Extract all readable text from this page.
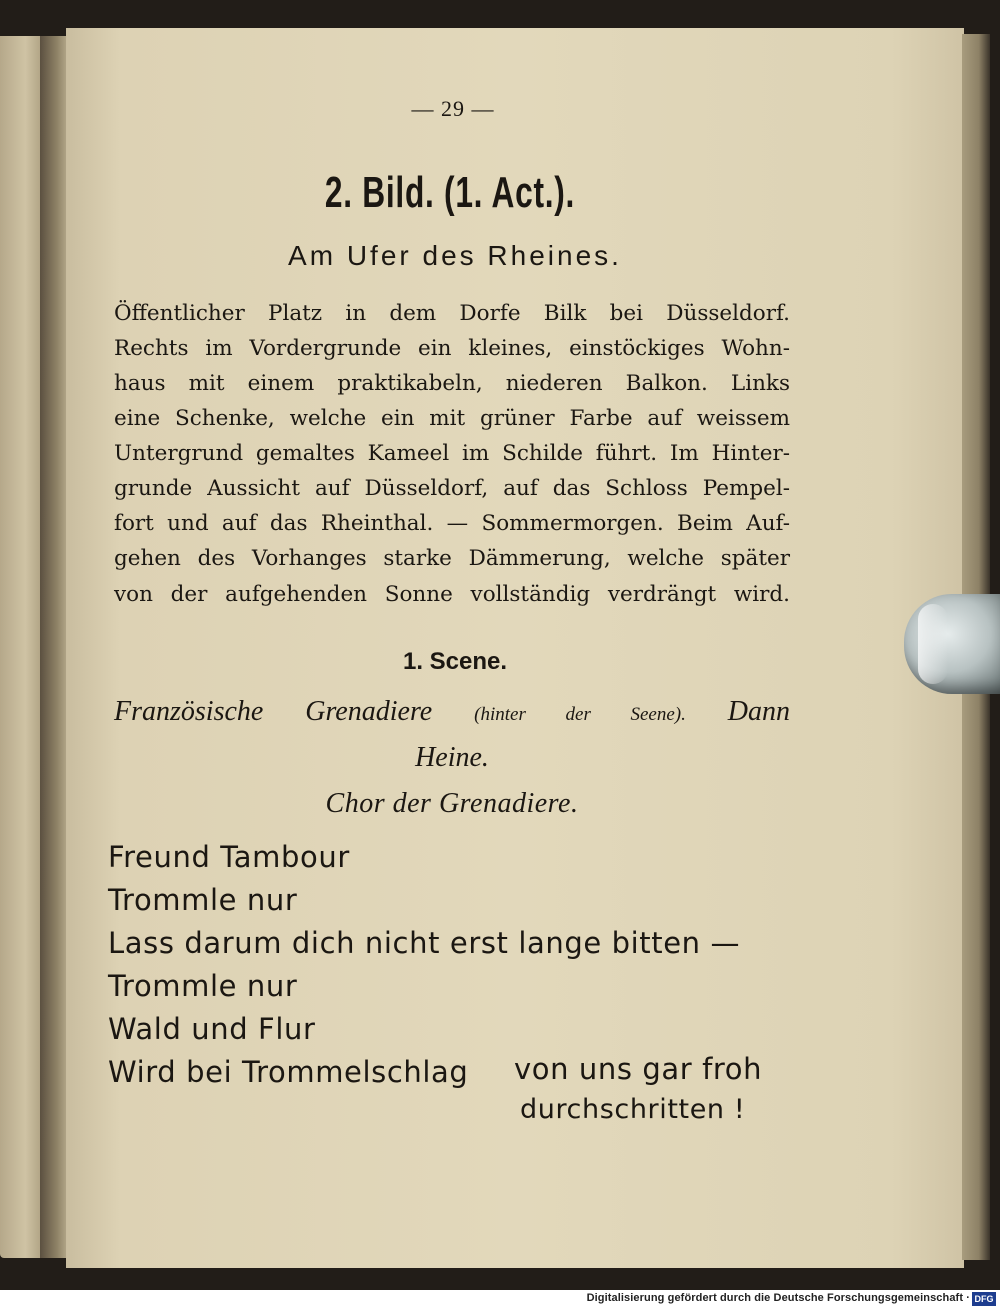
— 29 —
2. Bild. (1. Act.).
Am Ufer des Rheines.
Öffentlicher Platz in dem Dorfe Bilk bei Düsseldorf.
Rechts im Vordergrunde ein kleines, einstöckiges Wohn-
haus mit einem praktikabeln, niederen Balkon. Links
eine Schenke, welche ein mit grüner Farbe auf weissem
Untergrund gemaltes Kameel im Schilde führt. Im Hinter-
grunde Aussicht auf Düsseldorf, auf das Schloss Pempel-
fort und auf das Rheinthal. — Sommermorgen. Beim Auf-
gehen des Vorhanges starke Dämmerung, welche später
von der aufgehenden Sonne vollständig verdrängt wird.
1. Scene.
Französische Grenadiere (hinter der Seene). Dann
Heine.
Chor der Grenadiere.
Freund Tambour
Trommle nur
Lass darum dich nicht erst lange bitten —
Trommle nur
Wald und Flur
Wird bei Trommelschlag von uns gar froh
durchschritten !
Digitalisierung gefördert durch die Deutsche Forschungsgemeinschaft · DFG
